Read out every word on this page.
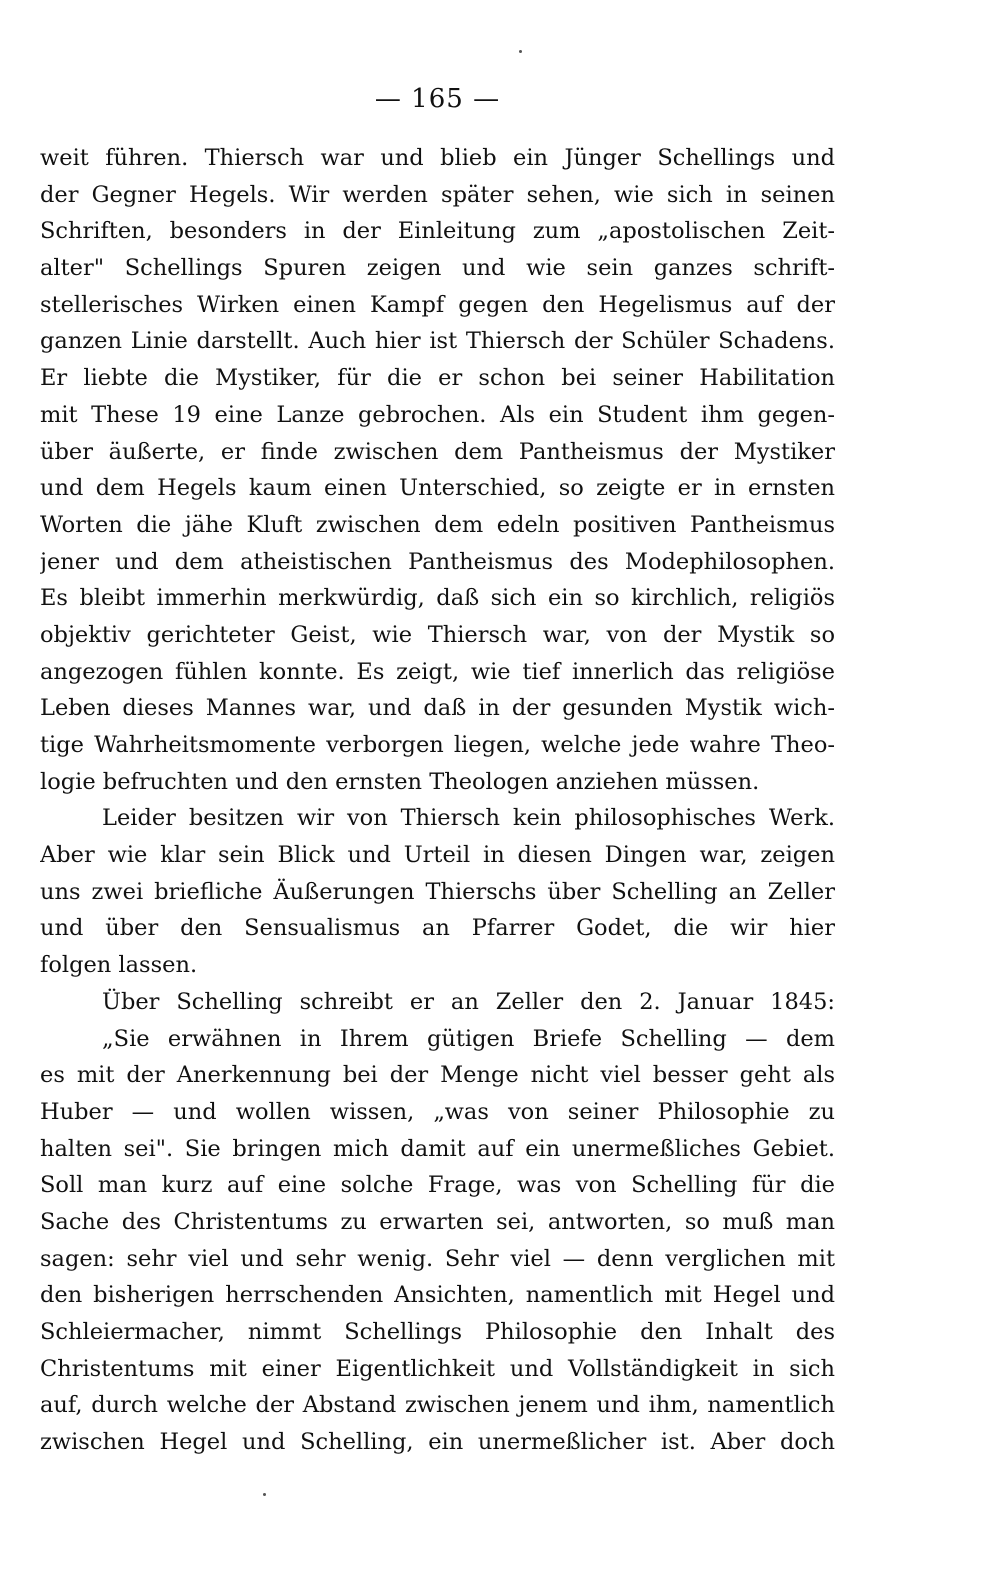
— 165 —
weit führen. Thiersch war und blieb ein Jünger Schellings und
der Gegner Hegels. Wir werden später sehen, wie sich in seinen
Schriften, besonders in der Einleitung zum „apostolischen Zeit-
alter" Schellings Spuren zeigen und wie sein ganzes schrift-
stellerisches Wirken einen Kampf gegen den Hegelismus auf der
ganzen Linie darstellt. Auch hier ist Thiersch der Schüler Schadens.
Er liebte die Mystiker, für die er schon bei seiner Habilitation
mit These 19 eine Lanze gebrochen. Als ein Student ihm gegen-
über äußerte, er finde zwischen dem Pantheismus der Mystiker
und dem Hegels kaum einen Unterschied, so zeigte er in ernsten
Worten die jähe Kluft zwischen dem edeln positiven Pantheismus
jener und dem atheistischen Pantheismus des Modephilosophen.
Es bleibt immerhin merkwürdig, daß sich ein so kirchlich, religiös
objektiv gerichteter Geist, wie Thiersch war, von der Mystik so
angezogen fühlen konnte. Es zeigt, wie tief innerlich das religiöse
Leben dieses Mannes war, und daß in der gesunden Mystik wich-
tige Wahrheitsmomente verborgen liegen, welche jede wahre Theo-
logie befruchten und den ernsten Theologen anziehen müssen.
Leider besitzen wir von Thiersch kein philosophisches Werk.
Aber wie klar sein Blick und Urteil in diesen Dingen war, zeigen
uns zwei briefliche Äußerungen Thierschs über Schelling an Zeller
und über den Sensualismus an Pfarrer Godet, die wir hier
folgen lassen.
Über Schelling schreibt er an Zeller den 2. Januar 1845:
„Sie erwähnen in Ihrem gütigen Briefe Schelling — dem
es mit der Anerkennung bei der Menge nicht viel besser geht als
Huber — und wollen wissen, „was von seiner Philosophie zu
halten sei". Sie bringen mich damit auf ein unermeßliches Gebiet.
Soll man kurz auf eine solche Frage, was von Schelling für die
Sache des Christentums zu erwarten sei, antworten, so muß man
sagen: sehr viel und sehr wenig. Sehr viel — denn verglichen mit
den bisherigen herrschenden Ansichten, namentlich mit Hegel und
Schleiermacher, nimmt Schellings Philosophie den Inhalt des
Christentums mit einer Eigentlichkeit und Vollständigkeit in sich
auf, durch welche der Abstand zwischen jenem und ihm, namentlich
zwischen Hegel und Schelling, ein unermeßlicher ist. Aber doch
